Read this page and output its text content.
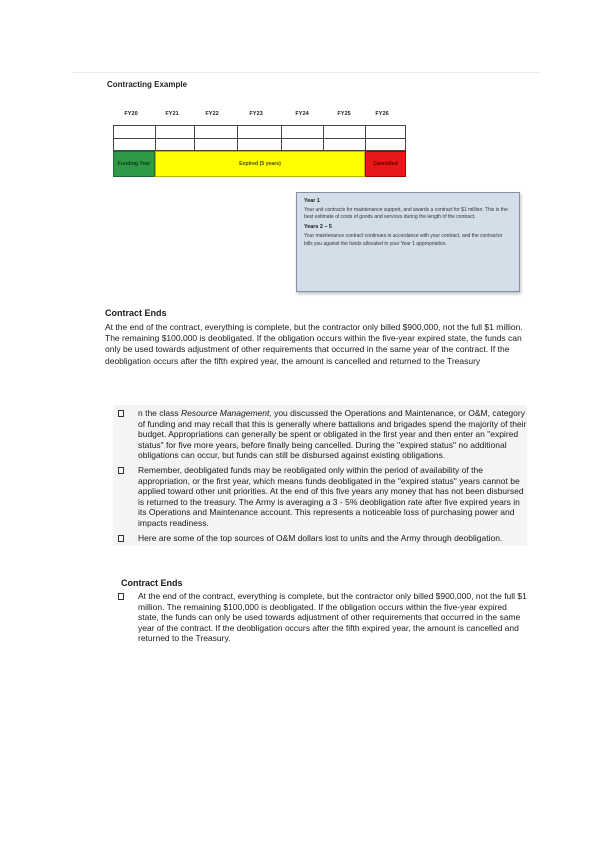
Contracting Example
FY20	FY21	FY22	FY23	FY24	FY25	FY26
Funding Year	Expired (5 years)	Cancelled

Year 1

Your unit contracts for maintenance support, and awards a contract for $1 million. This is the best estimate of costs of goods and services during the length of the contract.

Years 2 – 5

Your maintenance contract continues in accordance with your contract, and the contractor bills you against the funds allocated in your Year 1 appropriation.

Contract Ends

At the end of the contract, everything is complete, but the contractor only billed $900,000, not the full $1 million. The remaining $100,000 is deobligated. If the obligation occurs within the five-year expired state, the funds can only be used towards adjustment of other requirements that occurred in the same year of the contract. If the deobligation occurs after the fifth expired year, the amount is cancelled and returned to the Treasury

n the class Resource Management, you discussed the Operations and Maintenance, or O&M, category of funding and may recall that this is generally where battalions and brigades spend the majority of their budget. Appropriations can generally be spent or obligated in the first year and then enter an "expired status" for five more years, before finally being cancelled. During the "expired status" no additional obligations can occur, but funds can still be disbursed against existing obligations.
Remember, deobligated funds may be reobligated only within the period of availability of the appropriation, or the first year, which means funds deobligated in the "expired status" years cannot be applied toward other unit priorities. At the end of this five years any money that has not been disbursed is returned to the treasury. The Army is averaging a 3 - 5% deobligation rate after five expired years in its Operations and Maintenance account. This represents a noticeable loss of purchasing power and impacts readiness.
Here are some of the top sources of O&M dollars lost to units and the Army through deobligation.
Contract Ends
At the end of the contract, everything is complete, but the contractor only billed $900,000, not the full $1 million. The remaining $100,000 is deobligated. If the obligation occurs within the five-year expired state, the funds can only be used towards adjustment of other requirements that occurred in the same year of the contract. If the deobligation occurs after the fifth expired year, the amount is cancelled and returned to the Treasury.
